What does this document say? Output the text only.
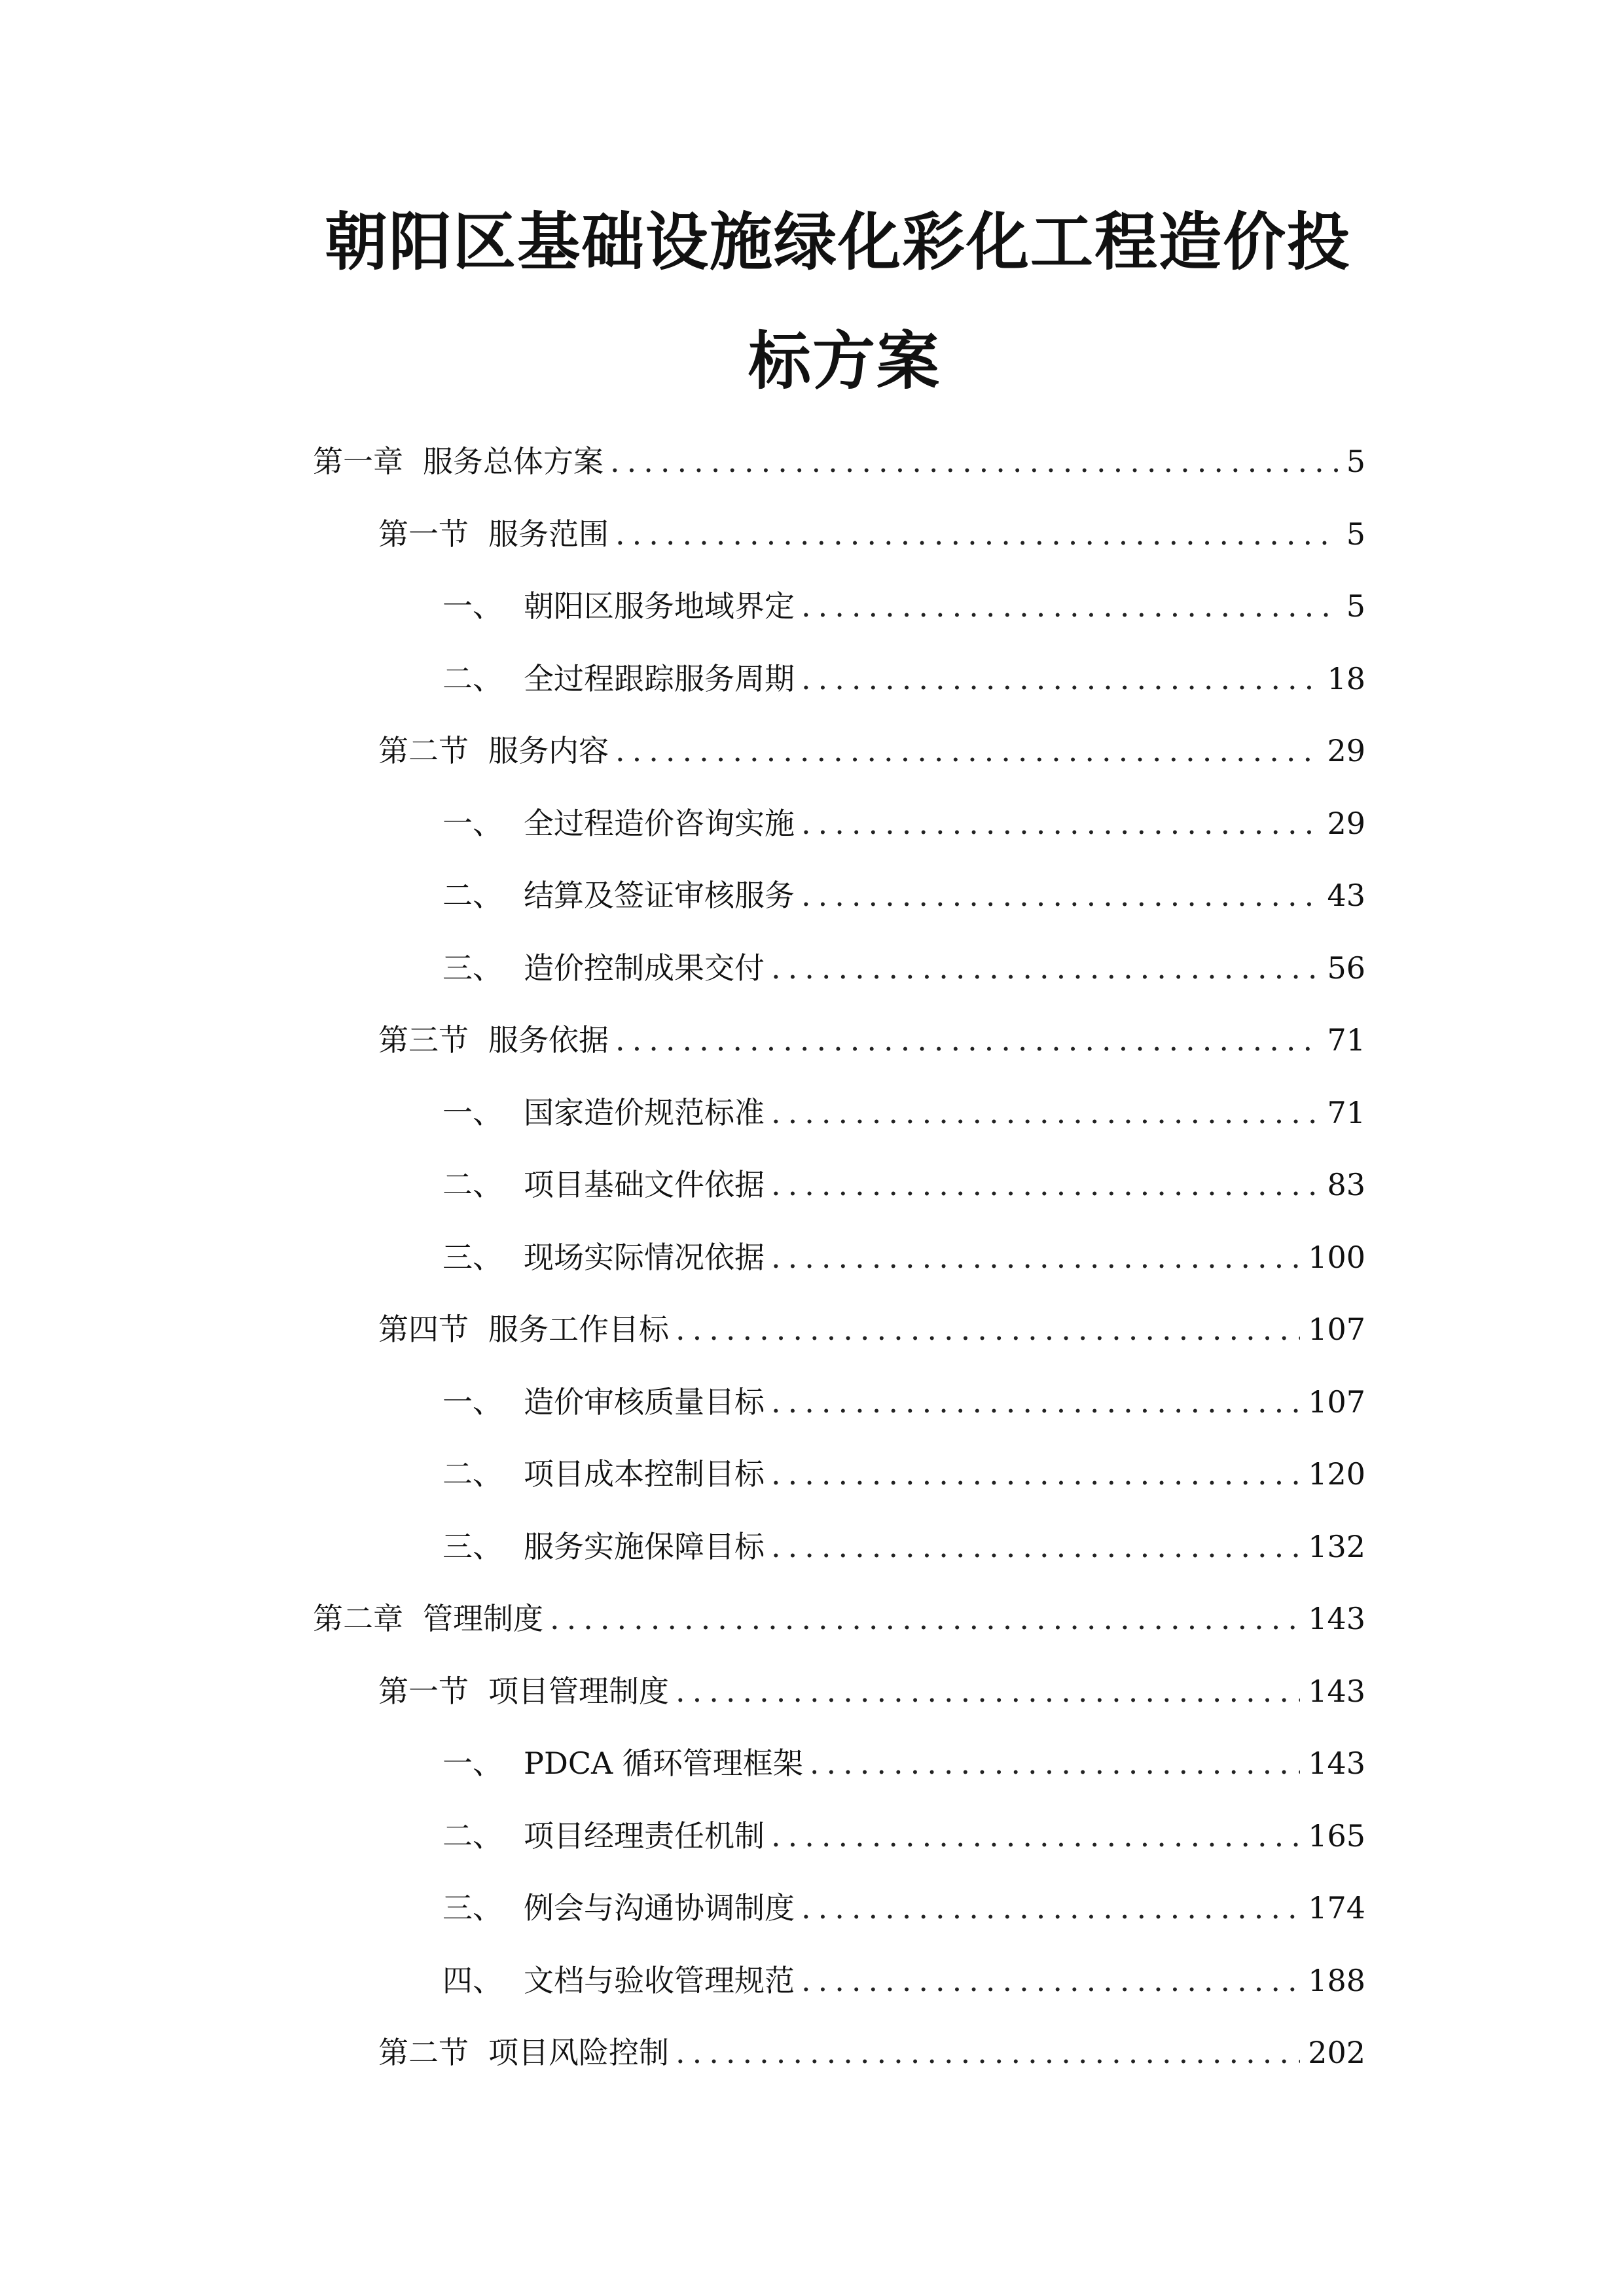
朝阳区基础设施绿化彩化工程造价投
标方案
第一章 服务总体方案 .....	5
第一节 服务范围 .....	5
一、 朝阳区服务地域界定 .....	5
二、 全过程跟踪服务周期 .....	18
第二节 服务内容 .....	29
一、 全过程造价咨询实施 .....	29
二、 结算及签证审核服务 .....	43
三、 造价控制成果交付 .....	56
第三节 服务依据 .....	71
一、 国家造价规范标准 .....	71
二、 项目基础文件依据 .....	83
三、 现场实际情况依据 .....	100
第四节 服务工作目标 .....	107
一、 造价审核质量目标 .....	107
二、 项目成本控制目标 .....	120
三、 服务实施保障目标 .....	132
第二章 管理制度 .....	143
第一节 项目管理制度 .....	143
一、 PDCA 循环管理框架 .....	143
二、 项目经理责任机制 .....	165
三、 例会与沟通协调制度 .....	174
四、 文档与验收管理规范 .....	188
第二节 项目风险控制 .....	202
